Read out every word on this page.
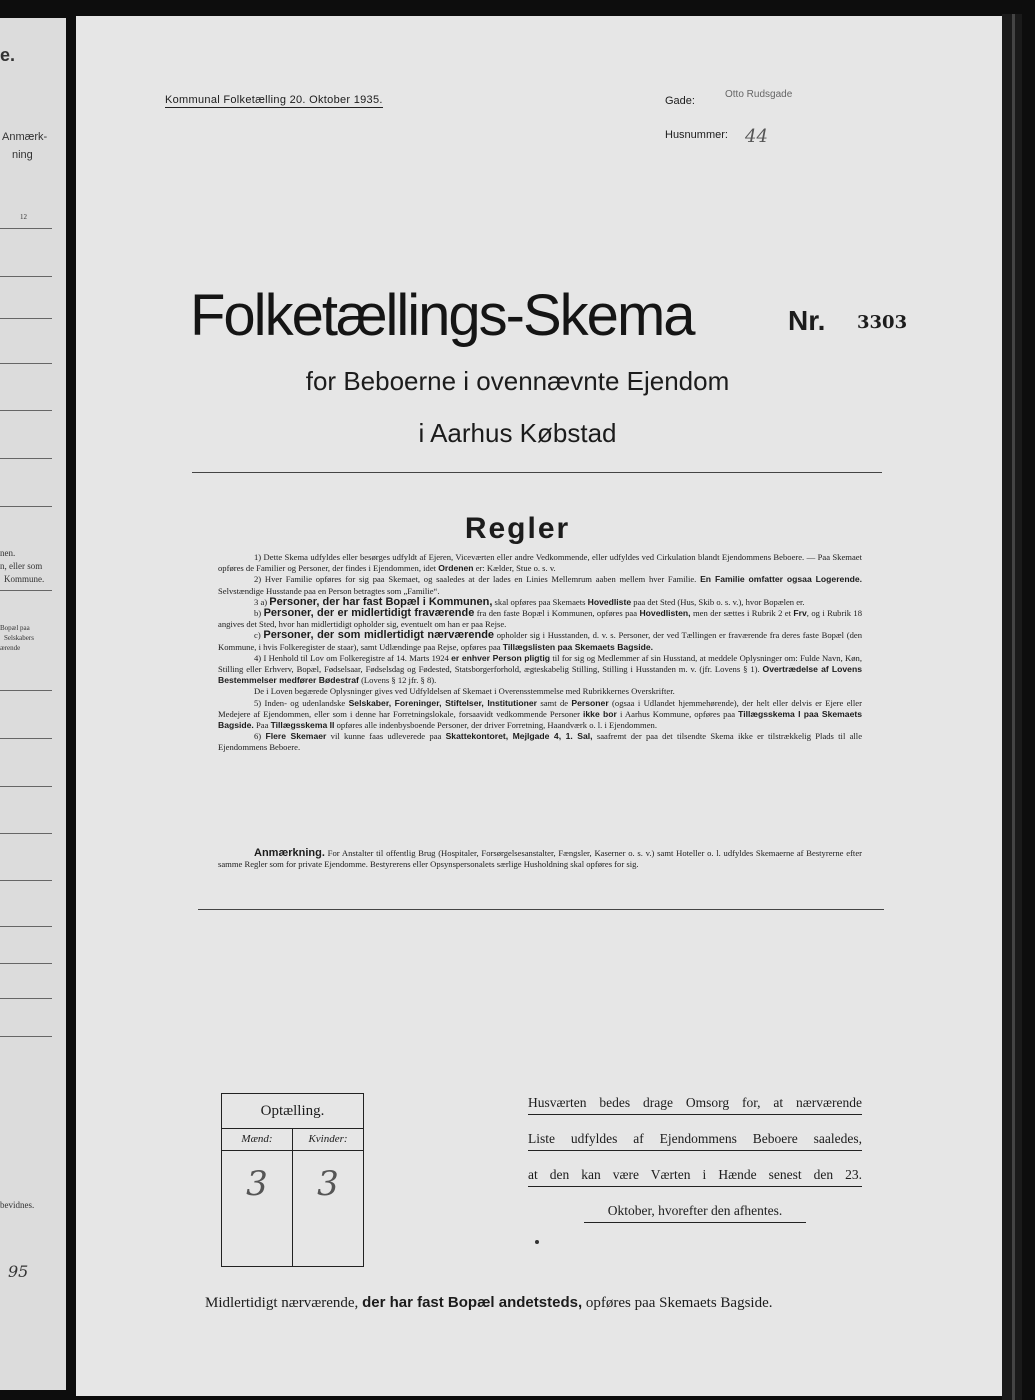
e.
Anmærk-
ning
12
nen.
n, eller som
Kommune.
Bopæl paa
Selskabers
ærende
bevidnes.
95
Kommunal Folketælling 20. Oktober 1935.	Gade:
Otto Rudsgade
Husnummer: 44
Folketællings-Skema	Nr. 3303
for Beboerne i ovennævnte Ejendom
i Aarhus Købstad
Regler

1) Dette Skema udfyldes eller besørges udfyldt af Ejeren, Viceværten eller andre Vedkommende, eller udfyldes ved Cirkulation blandt Ejendommens Beboere. — Paa Skemaet opføres de Familier og Personer, der findes i Ejendommen, idet Ordenen er: Kælder, Stue o. s. v.

2) Hver Familie opføres for sig paa Skemaet, og saaledes at der lades en Linies Mellemrum aaben mellem hver Familie. En Familie omfatter ogsaa Logerende. Selvstændige Husstande paa en Person betragtes som „Familie“.

3 a) Personer, der har fast Bopæl i Kommunen, skal opføres paa Skemaets Hovedliste paa det Sted (Hus, Skib o. s. v.), hvor Bopælen er.

b) Personer, der er midlertidigt fraværende fra den faste Bopæl i Kommunen, opføres paa Hovedlisten, men der sættes i Rubrik 2 et Frv, og i Rubrik 18 angives det Sted, hvor han midlertidigt opholder sig, eventuelt om han er paa Rejse.

c) Personer, der som midlertidigt nærværende opholder sig i Husstanden, d. v. s. Personer, der ved Tællingen er fraværende fra deres faste Bopæl (den Kommune, i hvis Folkeregister de staar), samt Udlændinge paa Rejse, opføres paa Tillægslisten paa Skemaets Bagside.

4) I Henhold til Lov om Folkeregistre af 14. Marts 1924 er enhver Person pligtig til for sig og Medlemmer af sin Husstand, at meddele Oplysninger om: Fulde Navn, Køn, Stilling eller Erhverv, Bopæl, Fødselsaar, Fødselsdag og Fødested, Statsborgerforhold, ægteskabelig Stilling, Stilling i Husstanden m. v. (jfr. Lovens § 1). Overtrædelse af Lovens Bestemmelser medfører Bødestraf (Lovens § 12 jfr. § 8).

De i Loven begærede Oplysninger gives ved Udfyldelsen af Skemaet i Overensstemmelse med Rubrikkernes Overskrifter.

5) Inden- og udenlandske Selskaber, Foreninger, Stiftelser, Institutioner samt de Personer (ogsaa i Udlandet hjemmehørende), der helt eller delvis er Ejere eller Medejere af Ejendommen, eller som i denne har Forretningslokale, forsaavidt vedkommende Personer ikke bor i Aarhus Kommune, opføres paa Tillægsskema I paa Skemaets Bagside. Paa Tillægsskema II opføres alle indenbysboende Personer, der driver Forretning, Haandværk o. l. i Ejendommen.

6) Flere Skemaer vil kunne faas udleverede paa Skattekontoret, Mejlgade 4, 1. Sal, saafremt der paa det tilsendte Skema ikke er tilstrækkelig Plads til alle Ejendommens Beboere.

Anmærkning. For Anstalter til offentlig Brug (Hospitaler, Forsørgelsesanstalter, Fængsler, Kaserner o. s. v.) samt Hoteller o. l. udfyldes Skemaerne af Bestyrerne efter samme Regler som for private Ejendomme. Bestyrerens eller Opsynspersonalets særlige Husholdning skal opføres for sig.

Optælling.
Mænd:	Kvinder:
3	3
Husværten bedes drage Omsorg for, at nærværende
Liste udfyldes af Ejendommens Beboere saaledes,
at den kan være Værten i Hænde senest den 23.
Oktober, hvorefter den afhentes.
Midlertidigt nærværende, der har fast Bopæl andetsteds, opføres paa Skemaets Bagside.
